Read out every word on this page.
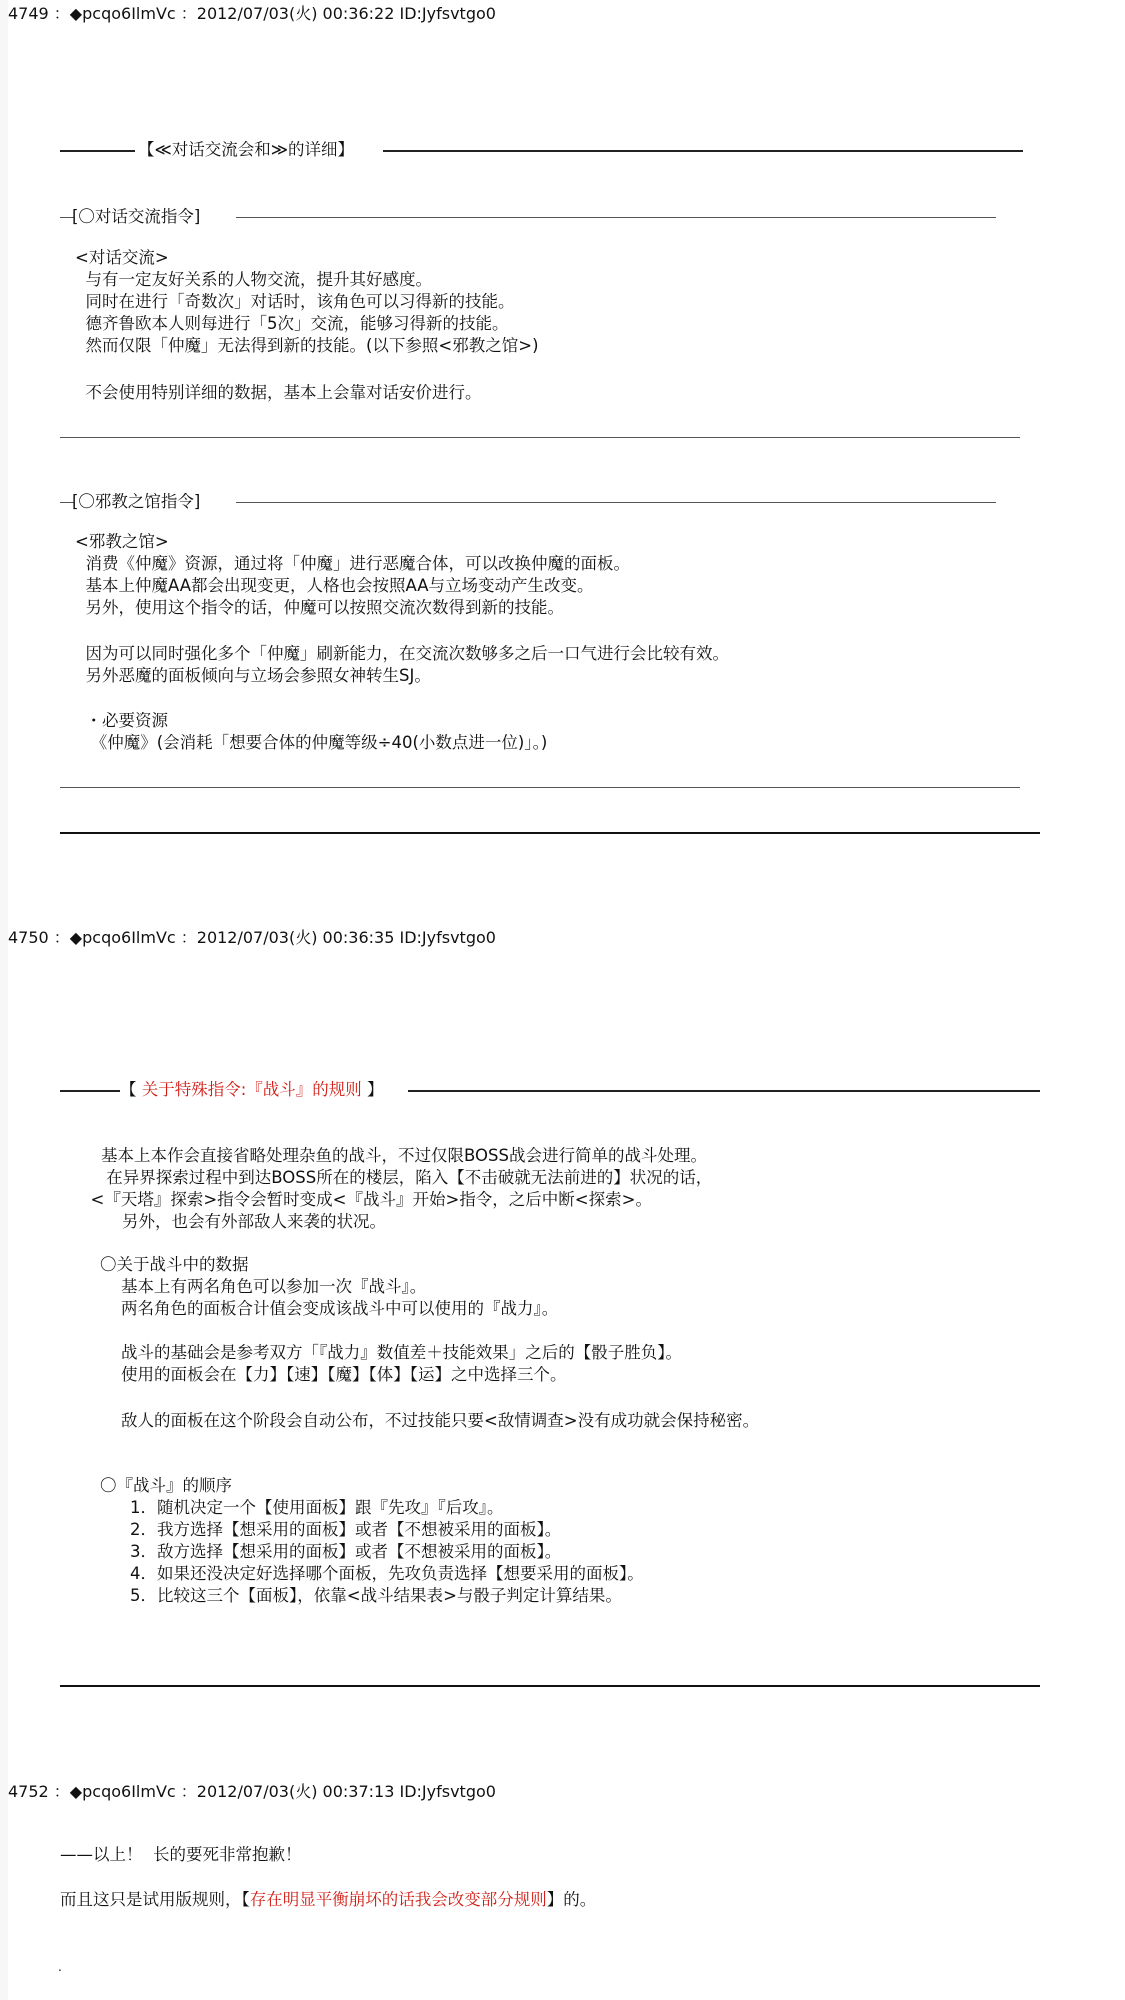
4749 ：◆pcqo6IlmVc ：2012/07/03(火) 00:36:22 ID:Jyfsvtgo0
【≪对话交流会和≫的详细】
[〇对话交流指令]
<对话交流>
与有一定友好关系的人物交流，提升其好感度。
同时在进行「奇数次」对话时，该角色可以习得新的技能。
德齐鲁欧本人则每进行「5次」交流，能够习得新的技能。
然而仅限「仲魔」无法得到新的技能。(以下参照<邪教之馆>)
不会使用特别详细的数据，基本上会靠对话安价进行。
[〇邪教之馆指令]
<邪教之馆>
消费《仲魔》资源，通过将「仲魔」进行恶魔合体，可以改换仲魔的面板。
基本上仲魔AA都会出现变更，人格也会按照AA与立场变动产生改变。
另外，使用这个指令的话，仲魔可以按照交流次数得到新的技能。
因为可以同时强化多个「仲魔」刷新能力，在交流次数够多之后一口气进行会比较有效。
另外恶魔的面板倾向与立场会参照女神转生SJ。
・必要资源
《仲魔》(会消耗「想要合体的仲魔等级÷40(小数点进一位)」。)
4750 ：◆pcqo6IlmVc ：2012/07/03(火) 00:36:35 ID:Jyfsvtgo0
【 关于特殊指令:『战斗』的规则 】
基本上本作会直接省略处理杂鱼的战斗，不过仅限BOSS战会进行简单的战斗处理。
在异界探索过程中到达BOSS所在的楼层，陷入【不击破就无法前进的】状况的话，
<『天塔』探索>指令会暂时变成<『战斗』开始>指令，之后中断<探索>。
另外，也会有外部敌人来袭的状况。
〇关于战斗中的数据
基本上有两名角色可以参加一次『战斗』。
两名角色的面板合计值会变成该战斗中可以使用的『战力』。
战斗的基础会是参考双方「『战力』数值差＋技能效果」之后的【骰子胜负】。
使用的面板会在【力】【速】【魔】【体】【运】之中选择三个。
敌人的面板在这个阶段会自动公布，不过技能只要<敌情调查>没有成功就会保持秘密。
〇『战斗』的顺序
1．随机决定一个【使用面板】跟『先攻』『后攻』。
2．我方选择【想采用的面板】或者【不想被采用的面板】。
3．敌方选择【想采用的面板】或者【不想被采用的面板】。
4．如果还没决定好选择哪个面板，先攻负责选择【想要采用的面板】。
5．比较这三个【面板】，依靠<战斗结果表>与骰子判定计算结果。
4752 ：◆pcqo6IlmVc ：2012/07/03(火) 00:37:13 ID:Jyfsvtgo0
——以上！  长的要死非常抱歉！
而且这只是试用版规则，【存在明显平衡崩坏的话我会改变部分规则】的。
.
